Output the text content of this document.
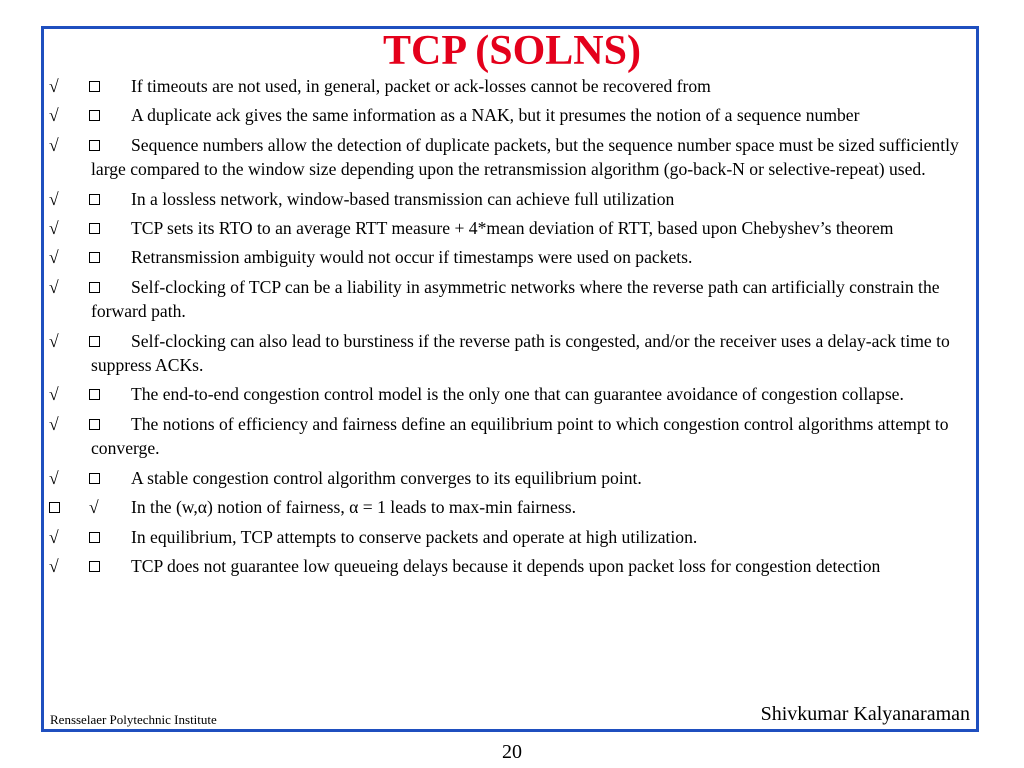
TCP (SOLNS)
√	If timeouts are not used, in general, packet or ack-losses cannot be recovered from
√	A duplicate ack gives the same information as a NAK, but it presumes the notion of a sequence number
√	Sequence numbers allow the detection of duplicate packets, but the sequence number space must be sized sufficiently large compared to the window size depending upon the retransmission algorithm (go-back-N or selective-repeat) used.
√	In a lossless network, window-based transmission can achieve full utilization
√	TCP sets its RTO to an average RTT measure + 4*mean deviation of RTT, based upon Chebyshev’s theorem
√	Retransmission ambiguity would not occur if timestamps were used on packets.
√	Self-clocking of TCP can be a liability in asymmetric networks where the reverse path can artificially constrain the forward path.
√	Self-clocking can also lead to burstiness if the reverse path is congested, and/or the receiver uses a delay-ack time to suppress ACKs.
√	The end-to-end congestion control model is the only one that can guarantee avoidance of congestion collapse.
√	The notions of efficiency and fairness define an equilibrium point to which congestion control algorithms attempt to converge.
√	A stable congestion control algorithm converges to its equilibrium point.
√ In the (w,α) notion of fairness, α = 1 leads to max-min fairness.
√	In equilibrium, TCP attempts to conserve packets and operate at high utilization.
√	TCP does not guarantee low queueing delays because it depends upon packet loss for congestion detection
Rensselaer Polytechnic Institute	Shivkumar Kalyanaraman
20
